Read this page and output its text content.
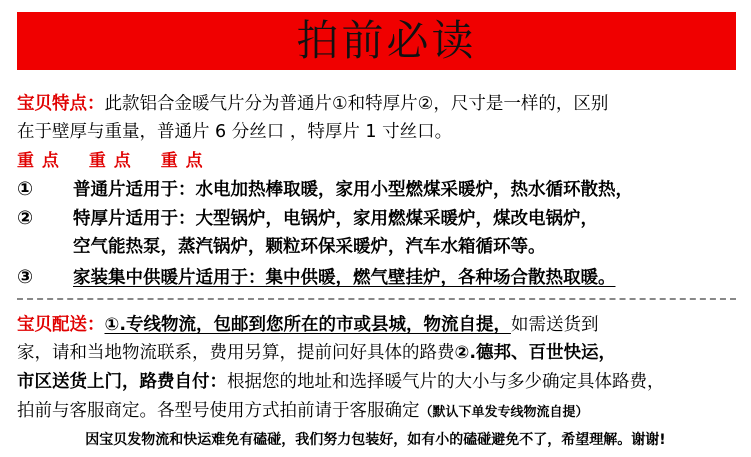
拍前必读
宝贝特点：此款铝合金暖气片分为普通片①和特厚片②，尺寸是一样的，区别
在于壁厚与重量，普通片 6 分丝口 ，特厚片 1 寸丝口。
重 点 重 点 重 点
① 普通片适用于：水电加热棒取暖，家用小型燃煤采暖炉，热水循环散热，
② 特厚片适用于：大型锅炉，电锅炉，家用燃煤采暖炉，煤改电锅炉，
空气能热泵，蒸汽锅炉，颗粒环保采暖炉，汽车水箱循环等。
③ 家装集中供暖片适用于：集中供暖，燃气壁挂炉，各种场合散热取暖。
宝贝配送：①.专线物流，包邮到您所在的市或县城，物流自提，如需送货到
家，请和当地物流联系，费用另算，提前问好具体的路费②.德邦、百世快运，
市区送货上门，路费自付：根据您的地址和选择暖气片的大小与多少确定具体路费，
拍前与客服商定。各型号使用方式拍前请于客服确定（默认下单发专线物流自提）
因宝贝发物流和快运难免有磕碰，我们努力包装好，如有小的磕碰避免不了，希望理解。谢谢!
